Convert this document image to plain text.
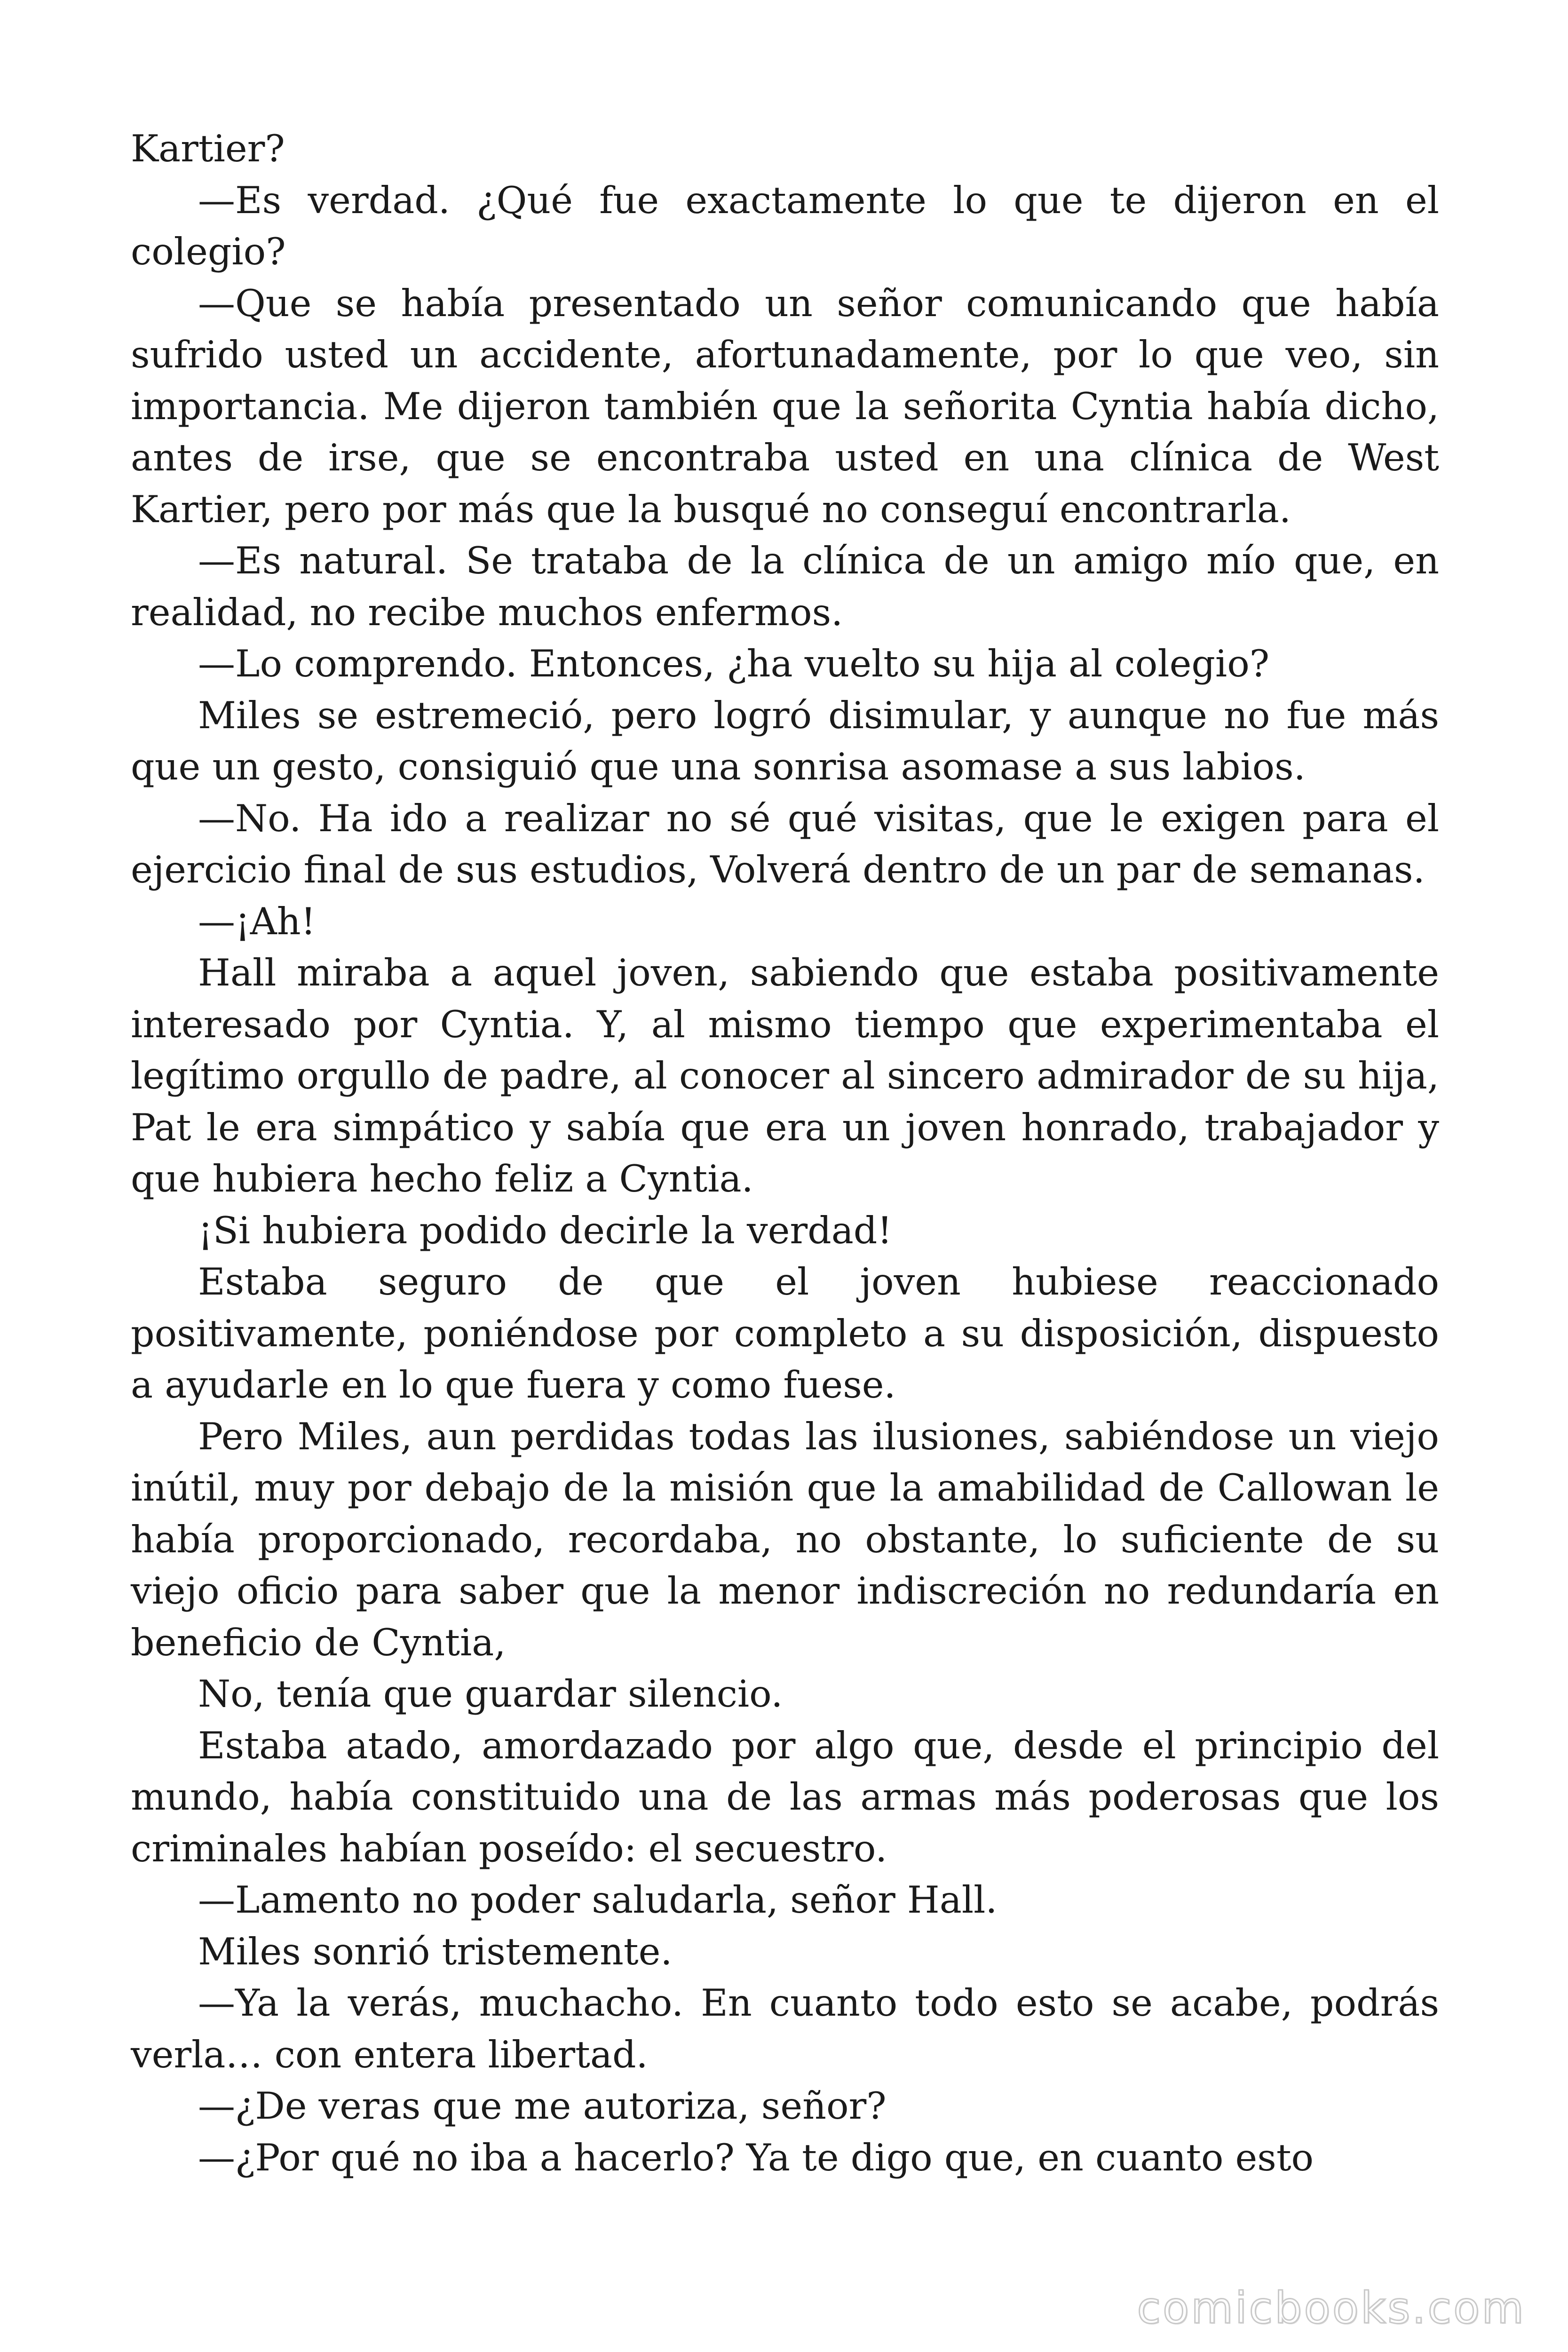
Kartier?

—Es verdad. ¿Qué fue exactamente lo que te dijeron en el colegio?

—Que se había presentado un señor comunicando que había sufrido usted un accidente, afortunadamente, por lo que veo, sin importancia. Me dijeron también que la señorita Cyntia había dicho, antes de irse, que se encontraba usted en una clínica de West Kartier, pero por más que la busqué no conseguí encontrarla.

—Es natural. Se trataba de la clínica de un amigo mío que, en realidad, no recibe muchos enfermos.

—Lo comprendo. Entonces, ¿ha vuelto su hija al colegio?

Miles se estremeció, pero logró disimular, y aunque no fue más que un gesto, consiguió que una sonrisa asomase a sus labios.

—No. Ha ido a realizar no sé qué visitas, que le exigen para el ejercicio final de sus estudios, Volverá dentro de un par de semanas.

—¡Ah!

Hall miraba a aquel joven, sabiendo que estaba positivamente interesado por Cyntia. Y, al mismo tiempo que experimentaba el legítimo orgullo de padre, al conocer al sincero admirador de su hija, Pat le era simpático y sabía que era un joven honrado, trabajador y que hubiera hecho feliz a Cyntia.

¡Si hubiera podido decirle la verdad!

Estaba seguro de que el joven hubiese reaccionado positivamente, poniéndose por completo a su disposición, dispuesto a ayudarle en lo que fuera y como fuese.

Pero Miles, aun perdidas todas las ilusiones, sabiéndose un viejo inútil, muy por debajo de la misión que la amabilidad de Callowan le había proporcionado, recordaba, no obstante, lo suficiente de su viejo oficio para saber que la menor indiscreción no redundaría en beneficio de Cyntia,

No, tenía que guardar silencio.

Estaba atado, amordazado por algo que, desde el principio del mundo, había constituido una de las armas más poderosas que los criminales habían poseído: el secuestro.

—Lamento no poder saludarla, señor Hall.

Miles sonrió tristemente.

—Ya la verás, muchacho. En cuanto todo esto se acabe, podrás verla… con entera libertad.

—¿De veras que me autoriza, señor?

—¿Por qué no iba a hacerlo? Ya te digo que, en cuanto esto

comicbooks.com
